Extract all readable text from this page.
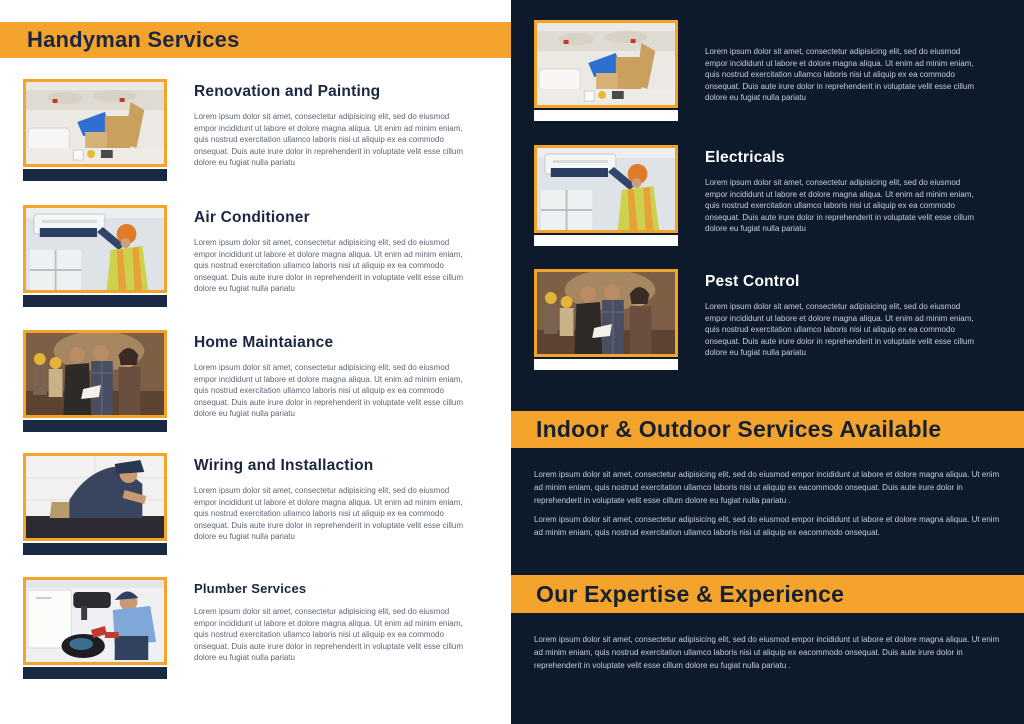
Handyman Services
Renovation and Painting

Lorem ipsum dolor sit amet, consectetur adipisicing elit, sed do eiusmod empor incididunt ut labore et dolore magna aliqua. Ut enim ad minim eniam, quis nostrud exercitation ullamco laboris nisi ut aliquip ex ea commodo onsequat. Duis aute irure dolor in reprehenderit in voluptate velit esse cillum dolore eu fugiat nulla pariatu

Air Conditioner

Lorem ipsum dolor sit amet, consectetur adipisicing elit, sed do eiusmod empor incididunt ut labore et dolore magna aliqua. Ut enim ad minim eniam, quis nostrud exercitation ullamco laboris nisi ut aliquip ex ea commodo onsequat. Duis aute irure dolor in reprehenderit in voluptate velit esse cillum dolore eu fugiat nulla pariatu

Home Maintaiance

Lorem ipsum dolor sit amet, consectetur adipisicing elit, sed do eiusmod empor incididunt ut labore et dolore magna aliqua. Ut enim ad minim eniam, quis nostrud exercitation ullamco laboris nisi ut aliquip ex ea commodo onsequat. Duis aute irure dolor in reprehenderit in voluptate velit esse cillum dolore eu fugiat nulla pariatu

Wiring and Installaction

Lorem ipsum dolor sit amet, consectetur adipisicing elit, sed do eiusmod empor incididunt ut labore et dolore magna aliqua. Ut enim ad minim eniam, quis nostrud exercitation ullamco laboris nisi ut aliquip ex ea commodo onsequat. Duis aute irure dolor in reprehenderit in voluptate velit esse cillum dolore eu fugiat nulla pariatu

Plumber Services

Lorem ipsum dolor sit amet, consectetur adipisicing elit, sed do eiusmod empor incididunt ut labore et dolore magna aliqua. Ut enim ad minim eniam, quis nostrud exercitation ullamco laboris nisi ut aliquip ex ea commodo onsequat. Duis aute irure dolor in reprehenderit in voluptate velit esse cillum dolore eu fugiat nulla pariatu

Lorem ipsum dolor sit amet, consectetur adipisicing elit, sed do eiusmod empor incididunt ut labore et dolore magna aliqua. Ut enim ad minim eniam, quis nostrud exercitation ullamco laboris nisi ut aliquip ex ea commodo onsequat. Duis aute irure dolor in reprehenderit in voluptate velit esse cillum dolore eu fugiat nulla pariatu

Electricals

Lorem ipsum dolor sit amet, consectetur adipisicing elit, sed do eiusmod empor incididunt ut labore et dolore magna aliqua. Ut enim ad minim eniam, quis nostrud exercitation ullamco laboris nisi ut aliquip ex ea commodo onsequat. Duis aute irure dolor in reprehenderit in voluptate velit esse cillum dolore eu fugiat nulla pariatu

Pest Control

Lorem ipsum dolor sit amet, consectetur adipisicing elit, sed do eiusmod empor incididunt ut labore et dolore magna aliqua. Ut enim ad minim eniam, quis nostrud exercitation ullamco laboris nisi ut aliquip ex ea commodo onsequat. Duis aute irure dolor in reprehenderit in voluptate velit esse cillum dolore eu fugiat nulla pariatu

Indoor & Outdoor Services Available

Lorem ipsum dolor sit amet, consectetur adipisicing elit, sed do eiusmod empor incididunt ut labore et dolore magna aliqua. Ut enim ad minim eniam, quis nostrud exercitation ullamco laboris nisi ut aliquip ex eacommodo onsequat. Duis aute irure dolor in reprehenderit in voluptate velit esse cillum dolore eu fugiat nulla pariatu .

Lorem ipsum dolor sit amet, consectetur adipisicing elit, sed do eiusmod empor incididunt ut labore et dolore magna aliqua. Ut enim ad minim eniam, quis nostrud exercitation ullamco laboris nisi ut aliquip ex eacommodo onsequat.

Our Expertise & Experience

Lorem ipsum dolor sit amet, consectetur adipisicing elit, sed do eiusmod empor incididunt ut labore et dolore magna aliqua. Ut enim ad minim eniam, quis nostrud exercitation ullamco laboris nisi ut aliquip ex eacommodo onsequat. Duis aute irure dolor in reprehenderit in voluptate velit esse cillum dolore eu fugiat nulla pariatu .
